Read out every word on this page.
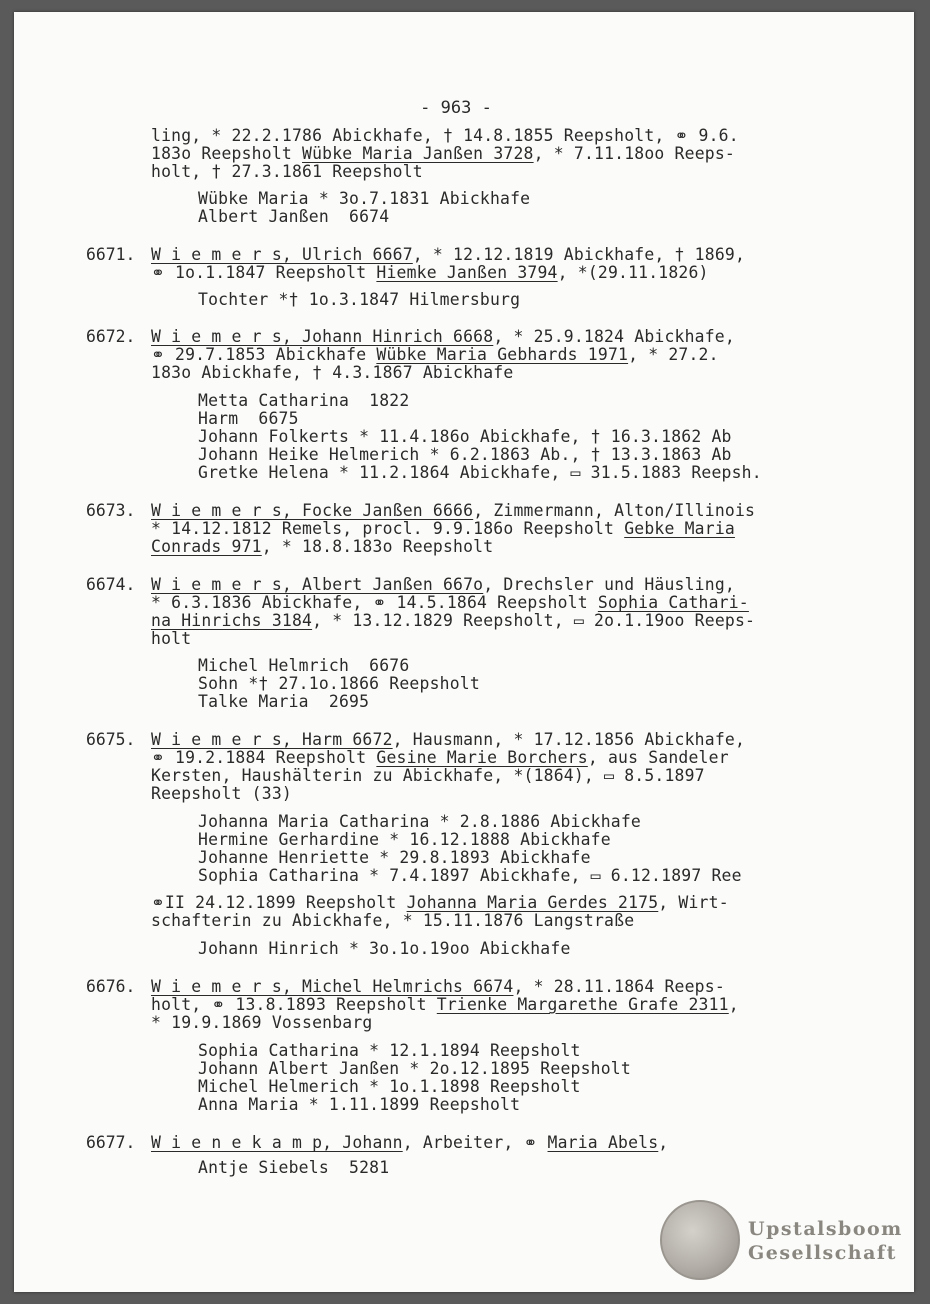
- 963 -
ling, * 22.2.1786 Abickhafe, † 14.8.1855 Reepsholt, ⚭ 9.6.
183o Reepsholt Wübke Maria Janßen 3728, * 7.11.18oo Reeps-
holt, † 27.3.1861 Reepsholt
Wübke Maria * 3o.7.1831 Abickhafe
Albert Janßen  6674
6671. W i e m e r s, Ulrich 6667, * 12.12.1819 Abickhafe, † 1869,
⚭ 1o.1.1847 Reepsholt Hiemke Janßen 3794, *(29.11.1826)
Tochter *† 1o.3.1847 Hilmersburg
6672. W i e m e r s, Johann Hinrich 6668, * 25.9.1824 Abickhafe,
⚭ 29.7.1853 Abickhafe Wübke Maria Gebhards 1971, * 27.2.
183o Abickhafe, † 4.3.1867 Abickhafe
Metta Catharina  1822
Harm  6675
Johann Folkerts * 11.4.186o Abickhafe, † 16.3.1862 Ab
Johann Heike Helmerich * 6.2.1863 Ab., † 13.3.1863 Ab
Gretke Helena * 11.2.1864 Abickhafe, ▭ 31.5.1883 Reepsh.
6673. W i e m e r s, Focke Janßen 6666, Zimmermann, Alton/Illinois
* 14.12.1812 Remels, procl. 9.9.186o Reepsholt Gebke Maria
Conrads 971, * 18.8.183o Reepsholt
6674. W i e m e r s, Albert Janßen 667o, Drechsler und Häusling,
* 6.3.1836 Abickhafe, ⚭ 14.5.1864 Reepsholt Sophia Cathari-
na Hinrichs 3184, * 13.12.1829 Reepsholt, ▭ 2o.1.19oo Reeps-
holt
Michel Helmrich  6676
Sohn *† 27.1o.1866 Reepsholt
Talke Maria  2695
6675. W i e m e r s, Harm 6672, Hausmann, * 17.12.1856 Abickhafe,
⚭ 19.2.1884 Reepsholt Gesine Marie Borchers, aus Sandeler
Kersten, Haushälterin zu Abickhafe, *(1864), ▭ 8.5.1897
Reepsholt (33)
Johanna Maria Catharina * 2.8.1886 Abickhafe
Hermine Gerhardine * 16.12.1888 Abickhafe
Johanne Henriette * 29.8.1893 Abickhafe
Sophia Catharina * 7.4.1897 Abickhafe, ▭ 6.12.1897 Ree
⚭II 24.12.1899 Reepsholt Johanna Maria Gerdes 2175, Wirt-
schafterin zu Abickhafe, * 15.11.1876 Langstraße
Johann Hinrich * 3o.1o.19oo Abickhafe
6676. W i e m e r s, Michel Helmrichs 6674, * 28.11.1864 Reeps-
holt, ⚭ 13.8.1893 Reepsholt Trienke Margarethe Grafe 2311,
* 19.9.1869 Vossenbarg
Sophia Catharina * 12.1.1894 Reepsholt
Johann Albert Janßen * 2o.12.1895 Reepsholt
Michel Helmerich * 1o.1.1898 Reepsholt
Anna Maria * 1.11.1899 Reepsholt
6677. W i e n e k a m p, Johann, Arbeiter, ⚭ Maria Abels,
Antje Siebels  5281
Upstalsboom
Gesellschaft
